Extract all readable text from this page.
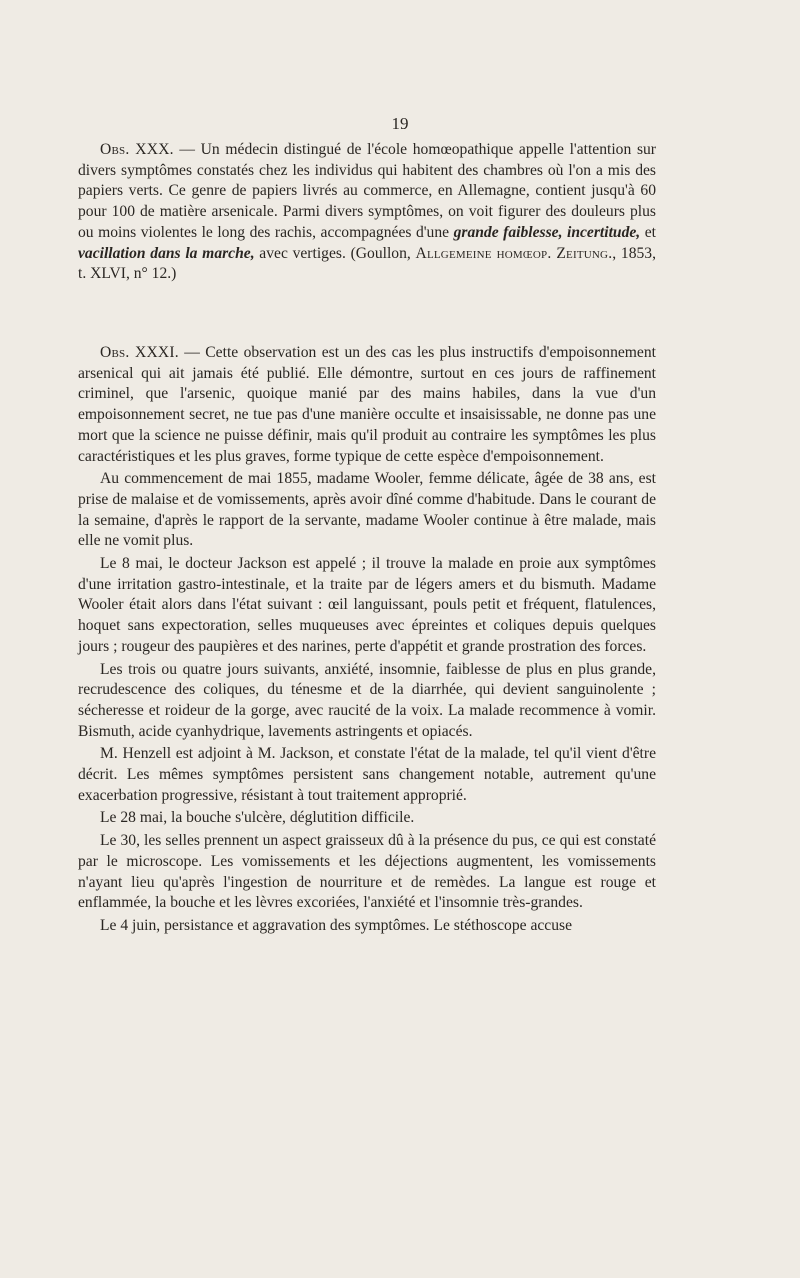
19

Obs. XXX. — Un médecin distingué de l'école homœopathique appelle l'attention sur divers symptômes constatés chez les individus qui habitent des chambres où l'on a mis des papiers verts. Ce genre de papiers livrés au commerce, en Allemagne, contient jusqu'à 60 pour 100 de matière arsenicale. Parmi divers symptômes, on voit figurer des douleurs plus ou moins violentes le long des rachis, accompagnées d'une grande faiblesse, incertitude, et vacillation dans la marche, avec vertiges. (Goullon, Allgemeine homœop. Zeitung., 1853, t. XLVI, n° 12.)

Obs. XXXI. — Cette observation est un des cas les plus instructifs d'empoisonnement arsenical qui ait jamais été publié. Elle démontre, surtout en ces jours de raffinement criminel, que l'arsenic, quoique manié par des mains habiles, dans la vue d'un empoisonnement secret, ne tue pas d'une manière occulte et insaisissable, ne donne pas une mort que la science ne puisse définir, mais qu'il produit au contraire les symptômes les plus caractéristiques et les plus graves, forme typique de cette espèce d'empoisonnement.

Au commencement de mai 1855, madame Wooler, femme délicate, âgée de 38 ans, est prise de malaise et de vomissements, après avoir dîné comme d'habitude. Dans le courant de la semaine, d'après le rapport de la servante, madame Wooler continue à être malade, mais elle ne vomit plus.

Le 8 mai, le docteur Jackson est appelé ; il trouve la malade en proie aux symptômes d'une irritation gastro-intestinale, et la traite par de légers amers et du bismuth. Madame Wooler était alors dans l'état suivant : œil languissant, pouls petit et fréquent, flatulences, hoquet sans expectoration, selles muqueuses avec épreintes et coliques depuis quelques jours ; rougeur des paupières et des narines, perte d'appétit et grande prostration des forces.

Les trois ou quatre jours suivants, anxiété, insomnie, faiblesse de plus en plus grande, recrudescence des coliques, du ténesme et de la diarrhée, qui devient sanguinolente ; sécheresse et roideur de la gorge, avec raucité de la voix. La malade recommence à vomir. Bismuth, acide cyanhydrique, lavements astringents et opiacés.

M. Henzell est adjoint à M. Jackson, et constate l'état de la malade, tel qu'il vient d'être décrit. Les mêmes symptômes persistent sans changement notable, autrement qu'une exacerbation progressive, résistant à tout traitement approprié.

Le 28 mai, la bouche s'ulcère, déglutition difficile.

Le 30, les selles prennent un aspect graisseux dû à la présence du pus, ce qui est constaté par le microscope. Les vomissements et les déjections augmentent, les vomissements n'ayant lieu qu'après l'ingestion de nourriture et de remèdes. La langue est rouge et enflammée, la bouche et les lèvres excoriées, l'anxiété et l'insomnie très-grandes.

Le 4 juin, persistance et aggravation des symptômes. Le stéthoscope accuse
